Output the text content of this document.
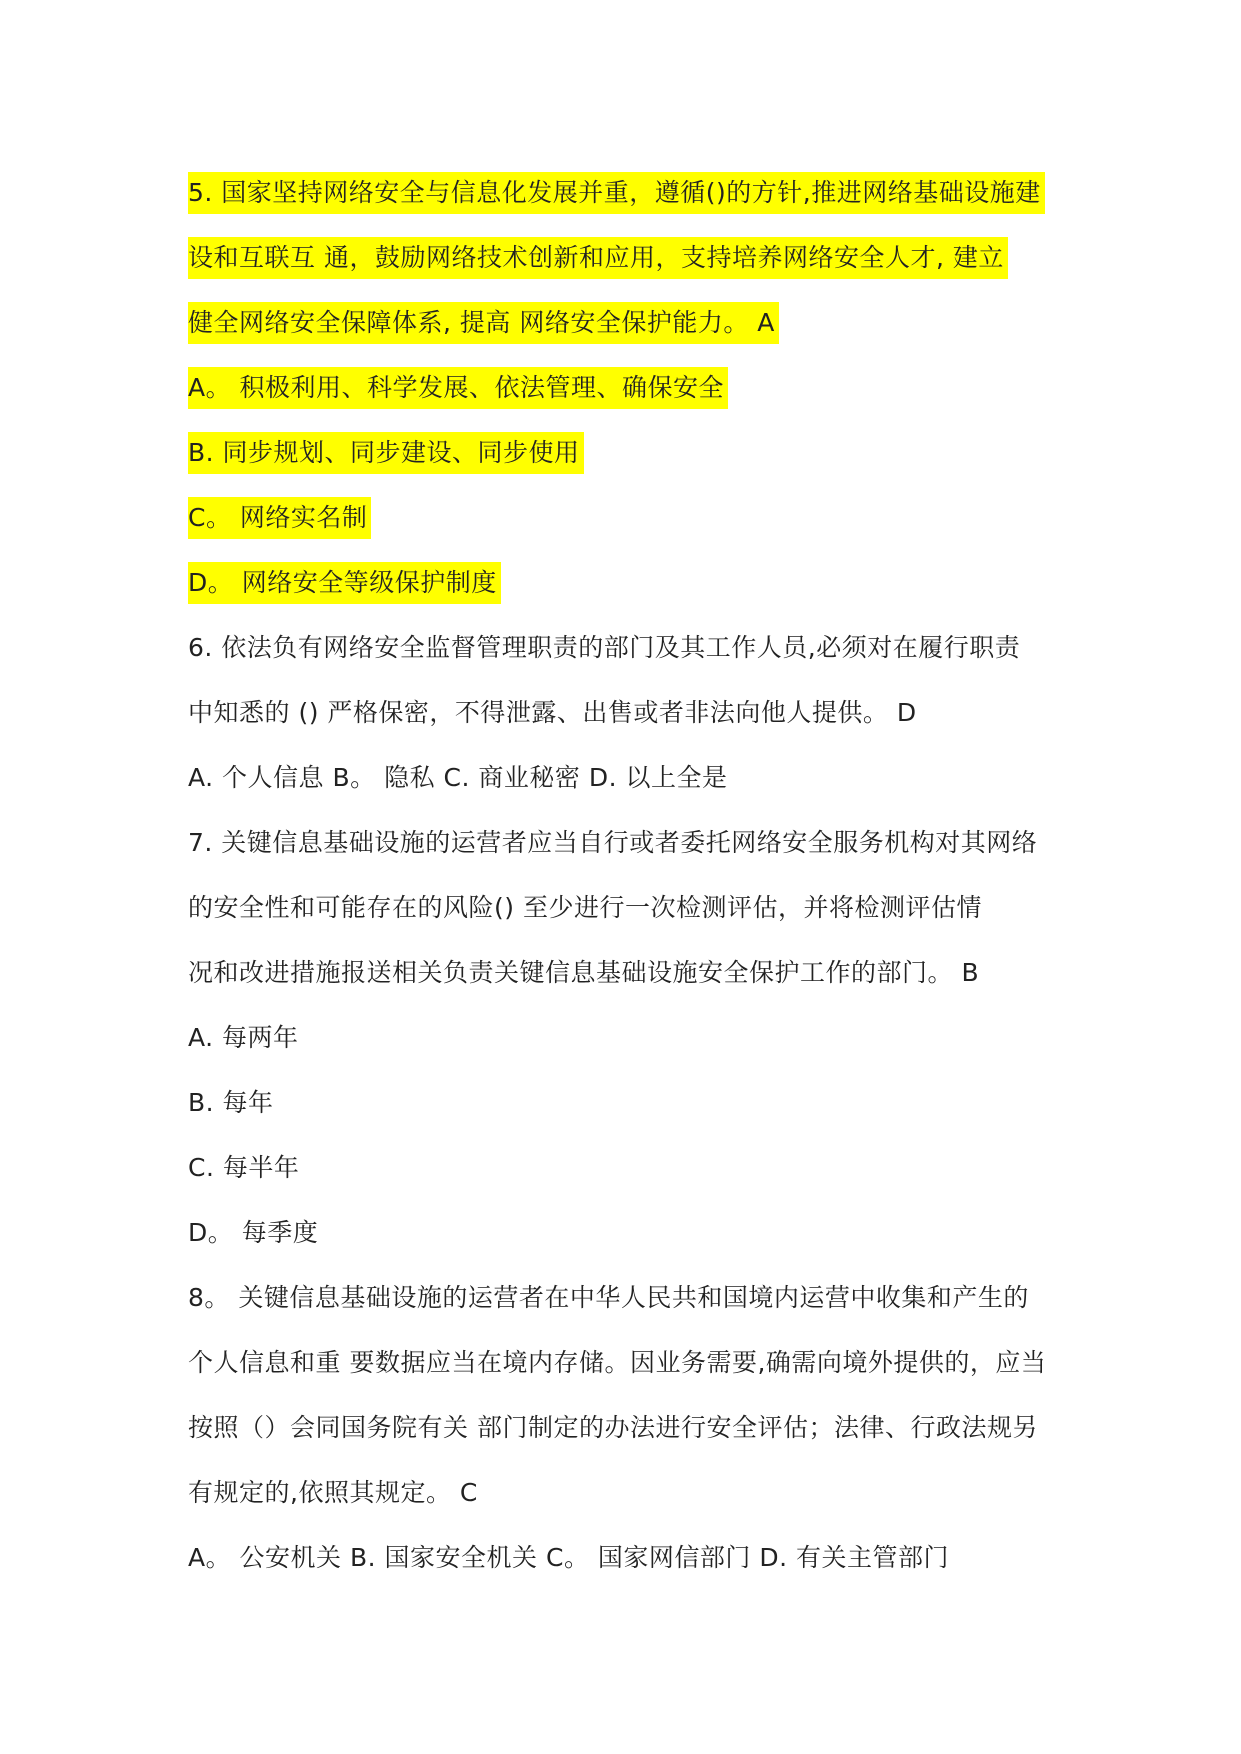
5. 国家坚持网络安全与信息化发展并重，遵循()的方针,推进网络基础设施建
设和互联互 通，鼓励网络技术创新和应用，支持培养网络安全人才, 建立
健全网络安全保障体系, 提高 网络安全保护能力。 A
A。 积极利用、科学发展、依法管理、确保安全
B. 同步规划、同步建设、同步使用
C。 网络实名制
D。 网络安全等级保护制度
6. 依法负有网络安全监督管理职责的部门及其工作人员,必须对在履行职责
中知悉的 () 严格保密，不得泄露、出售或者非法向他人提供。 D
A. 个人信息 B。 隐私 C. 商业秘密 D. 以上全是
7. 关键信息基础设施的运营者应当自行或者委托网络安全服务机构对其网络
的安全性和可能存在的风险() 至少进行一次检测评估，并将检测评估情
况和改进措施报送相关负责关键信息基础设施安全保护工作的部门。 B
A. 每两年
B. 每年
C. 每半年
D。 每季度
8。 关键信息基础设施的运营者在中华人民共和国境内运营中收集和产生的
个人信息和重 要数据应当在境内存储。因业务需要,确需向境外提供的，应当
按照（）会同国务院有关 部门制定的办法进行安全评估；法律、行政法规另
有规定的,依照其规定。 C
A。 公安机关 B. 国家安全机关 C。 国家网信部门 D. 有关主管部门
